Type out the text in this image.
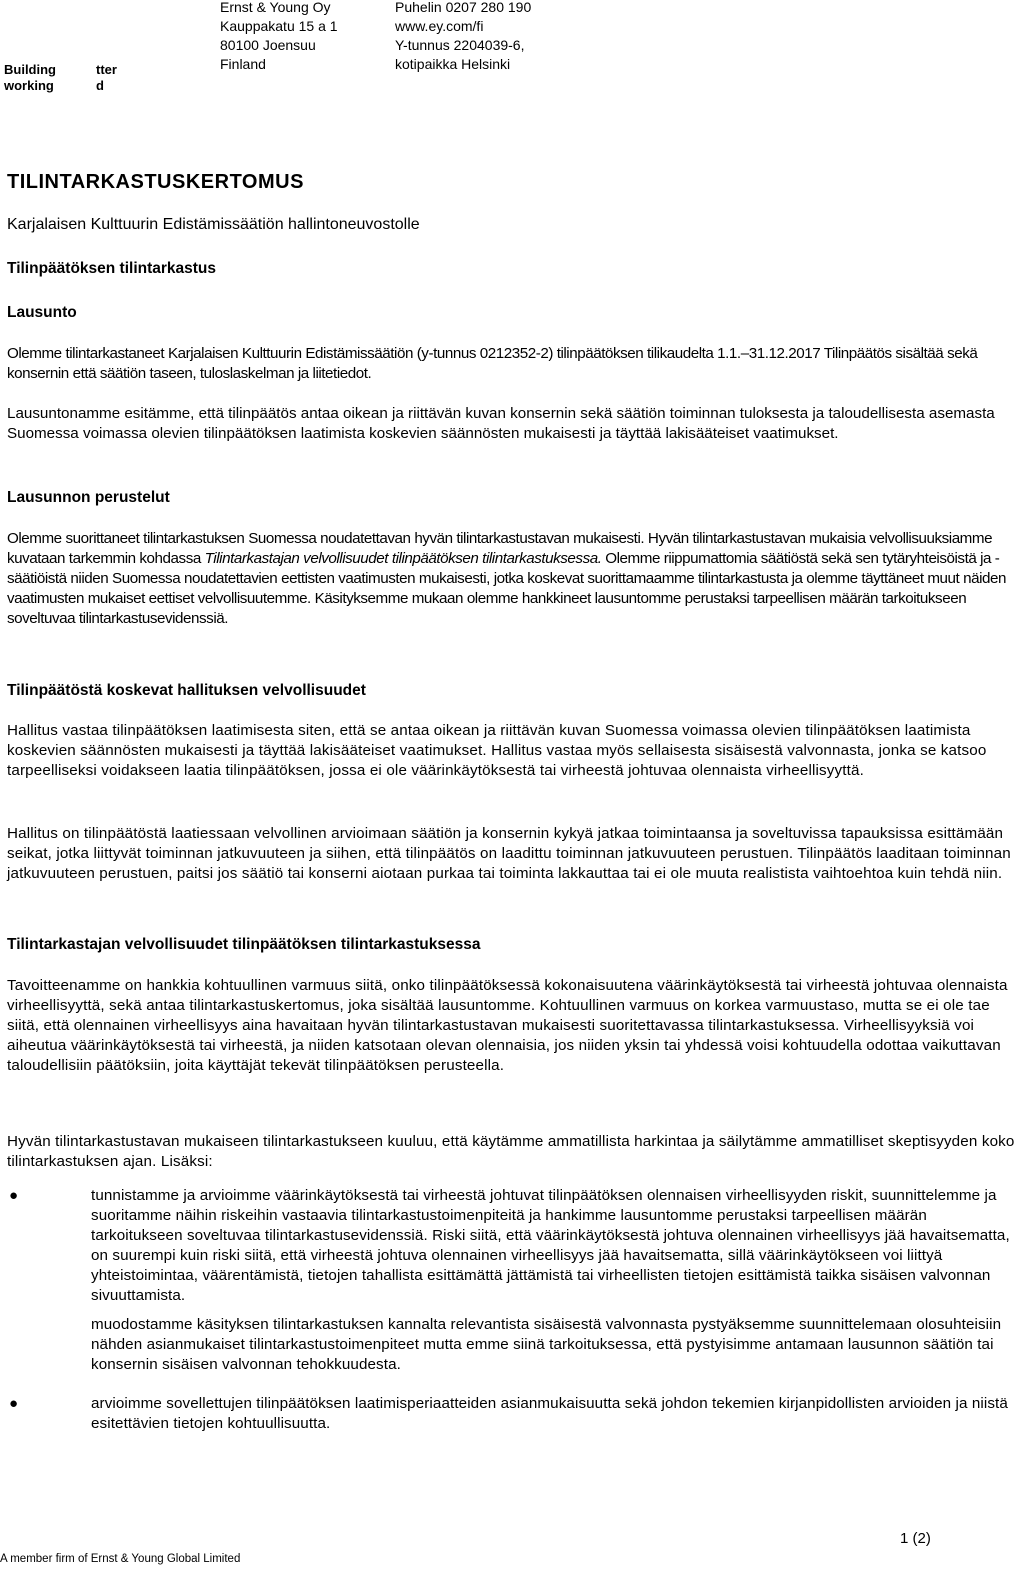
Building
working
tter
d
Ernst & Young Oy
Kauppakatu 15 a 1
80100 Joensuu
Finland
Puhelin 0207 280 190
www.ey.com/fi
Y-tunnus 2204039-6,
kotipaikka Helsinki
TILINTARKASTUSKERTOMUS
Karjalaisen Kulttuurin Edistämissäätiön hallintoneuvostolle
Tilinpäätöksen tilintarkastus
Lausunto

Olemme tilintarkastaneet Karjalaisen Kulttuurin Edistämissäätiön (y-tunnus 0212352-2) tilinpäätöksen tilikaudelta 1.1.–31.12.2017 Tilinpäätös sisältää sekä konsernin että säätiön taseen, tuloslaskelman ja liitetiedot.

Lausuntonamme esitämme, että tilinpäätös antaa oikean ja riittävän kuvan konsernin sekä säätiön toiminnan tuloksesta ja taloudellisesta asemasta Suomessa voimassa olevien tilinpäätöksen laatimista koskevien säännösten mukaisesti ja täyttää lakisääteiset vaatimukset.

Lausunnon perustelut

Olemme suorittaneet tilintarkastuksen Suomessa noudatettavan hyvän tilintarkastustavan mukaisesti. Hyvän tilintarkastustavan mukaisia velvollisuuksiamme kuvataan tarkemmin kohdassa Tilintarkastajan velvollisuudet tilinpäätöksen tilintarkastuksessa. Olemme riippumattomia säätiöstä sekä sen tytäryhteisöistä ja -säätiöistä niiden Suomessa noudatettavien eettisten vaatimusten mukaisesti, jotka koskevat suorittamaamme tilintarkastusta ja olemme täyttäneet muut näiden vaatimusten mukaiset eettiset velvollisuutemme. Käsityksemme mukaan olemme hankkineet lausuntomme perustaksi tarpeellisen määrän tarkoitukseen soveltuvaa tilintarkastusevidenssiä.

Tilinpäätöstä koskevat hallituksen velvollisuudet

Hallitus vastaa tilinpäätöksen laatimisesta siten, että se antaa oikean ja riittävän kuvan Suomessa voimassa olevien tilinpäätöksen laatimista koskevien säännösten mukaisesti ja täyttää lakisääteiset vaatimukset. Hallitus vastaa myös sellaisesta sisäisestä valvonnasta, jonka se katsoo tarpeelliseksi voidakseen laatia tilinpäätöksen, jossa ei ole väärinkäytöksestä tai virheestä johtuvaa olennaista virheellisyyttä.

Hallitus on tilinpäätöstä laatiessaan velvollinen arvioimaan säätiön ja konsernin kykyä jatkaa toimintaansa ja soveltuvissa tapauksissa esittämään seikat, jotka liittyvät toiminnan jatkuvuuteen ja siihen, että tilinpäätös on laadittu toiminnan jatkuvuuteen perustuen. Tilinpäätös laaditaan toiminnan jatkuvuuteen perustuen, paitsi jos säätiö tai konserni aiotaan purkaa tai toiminta lakkauttaa tai ei ole muuta realistista vaihtoehtoa kuin tehdä niin.

Tilintarkastajan velvollisuudet tilinpäätöksen tilintarkastuksessa

Tavoitteenamme on hankkia kohtuullinen varmuus siitä, onko tilinpäätöksessä kokonaisuutena väärinkäytöksestä tai virheestä johtuvaa olennaista virheellisyyttä, sekä antaa tilintarkastuskertomus, joka sisältää lausuntomme. Kohtuullinen varmuus on korkea varmuustaso, mutta se ei ole tae siitä, että olennainen virheellisyys aina havaitaan hyvän tilintarkastustavan mukaisesti suoritettavassa tilintarkastuksessa. Virheellisyyksiä voi aiheutua väärinkäytöksestä tai virheestä, ja niiden katsotaan olevan olennaisia, jos niiden yksin tai yhdessä voisi kohtuudella odottaa vaikuttavan taloudellisiin päätöksiin, joita käyttäjät tekevät tilinpäätöksen perusteella.

Hyvän tilintarkastustavan mukaiseen tilintarkastukseen kuuluu, että käytämme ammatillista harkintaa ja säilytämme ammatilliset skeptisyyden koko tilintarkastuksen ajan. Lisäksi:

●	tunnistamme ja arvioimme väärinkäytöksestä tai virheestä johtuvat tilinpäätöksen olennaisen virheellisyyden riskit, suunnittelemme ja suoritamme näihin riskeihin vastaavia tilintarkastustoimenpiteitä ja hankimme lausuntomme perustaksi tarpeellisen määrän tarkoitukseen soveltuvaa tilintarkastusevidenssiä. Riski siitä, että väärinkäytöksestä johtuva olennainen virheellisyys jää havaitsematta, on suurempi kuin riski siitä, että virheestä johtuva olennainen virheellisyys jää havaitsematta, sillä väärinkäytökseen voi liittyä yhteistoimintaa, väärentämistä, tietojen tahallista esittämättä jättämistä tai virheellisten tietojen esittämistä taikka sisäisen valvonnan sivuuttamista.
muodostamme käsityksen tilintarkastuksen kannalta relevantista sisäisestä valvonnasta pystyäksemme suunnittelemaan olosuhteisiin nähden asianmukaiset tilintarkastustoimenpiteet mutta emme siinä tarkoituksessa, että pystyisimme antamaan lausunnon säätiön tai konsernin sisäisen valvonnan tehokkuudesta.
●	arvioimme sovellettujen tilinpäätöksen laatimisperiaatteiden asianmukaisuutta sekä johdon tekemien kirjanpidollisten arvioiden ja niistä esitettävien tietojen kohtuullisuutta.
1 (2)
A member firm of Ernst & Young Global Limited
